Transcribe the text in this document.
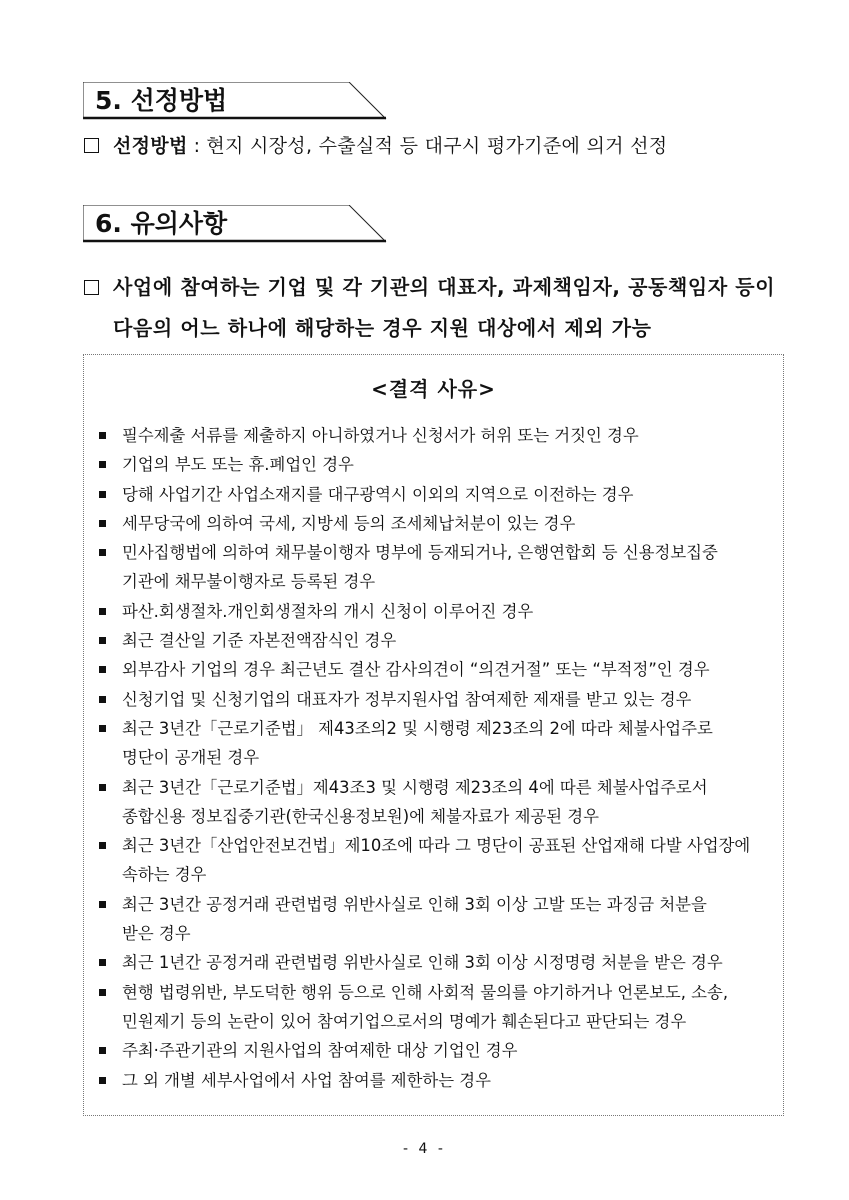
5. 선정방법
선정방법 : 현지 시장성, 수출실적 등 대구시 평가기준에 의거 선정
6. 유의사항
사업에 참여하는 기업 및 각 기관의 대표자, 과제책임자, 공동책임자 등이
다음의 어느 하나에 해당하는 경우 지원 대상에서 제외 가능
<결격 사유>
필수제출 서류를 제출하지 아니하였거나 신청서가 허위 또는 거짓인 경우
기업의 부도 또는 휴.폐업인 경우
당해 사업기간 사업소재지를 대구광역시 이외의 지역으로 이전하는 경우
세무당국에 의하여 국세, 지방세 등의 조세체납처분이 있는 경우
민사집행법에 의하여 채무불이행자 명부에 등재되거나, 은행연합회 등 신용정보집중
기관에 채무불이행자로 등록된 경우
파산.회생절차.개인회생절차의 개시 신청이 이루어진 경우
최근 결산일 기준 자본전액잠식인 경우
외부감사 기업의 경우 최근년도 결산 감사의견이 “의견거절” 또는 “부적정”인 경우
신청기업 및 신청기업의 대표자가 정부지원사업 참여제한 제재를 받고 있는 경우
최근 3년간「근로기준법」 제43조의2 및 시행령 제23조의 2에 따라 체불사업주로
명단이 공개된 경우
최근 3년간「근로기준법」제43조3 및 시행령 제23조의 4에 따른 체불사업주로서
종합신용 정보집중기관(한국신용정보원)에 체불자료가 제공된 경우
최근 3년간「산업안전보건법」제10조에 따라 그 명단이 공표된 산업재해 다발 사업장에
속하는 경우
최근 3년간 공정거래 관련법령 위반사실로 인해 3회 이상 고발 또는 과징금 처분을
받은 경우
최근 1년간 공정거래 관련법령 위반사실로 인해 3회 이상 시정명령 처분을 받은 경우
현행 법령위반, 부도덕한 행위 등으로 인해 사회적 물의를 야기하거나 언론보도, 소송,
민원제기 등의 논란이 있어 참여기업으로서의 명예가 훼손된다고 판단되는 경우
주최·주관기관의 지원사업의 참여제한 대상 기업인 경우
그 외 개별 세부사업에서 사업 참여를 제한하는 경우
- 4 -
